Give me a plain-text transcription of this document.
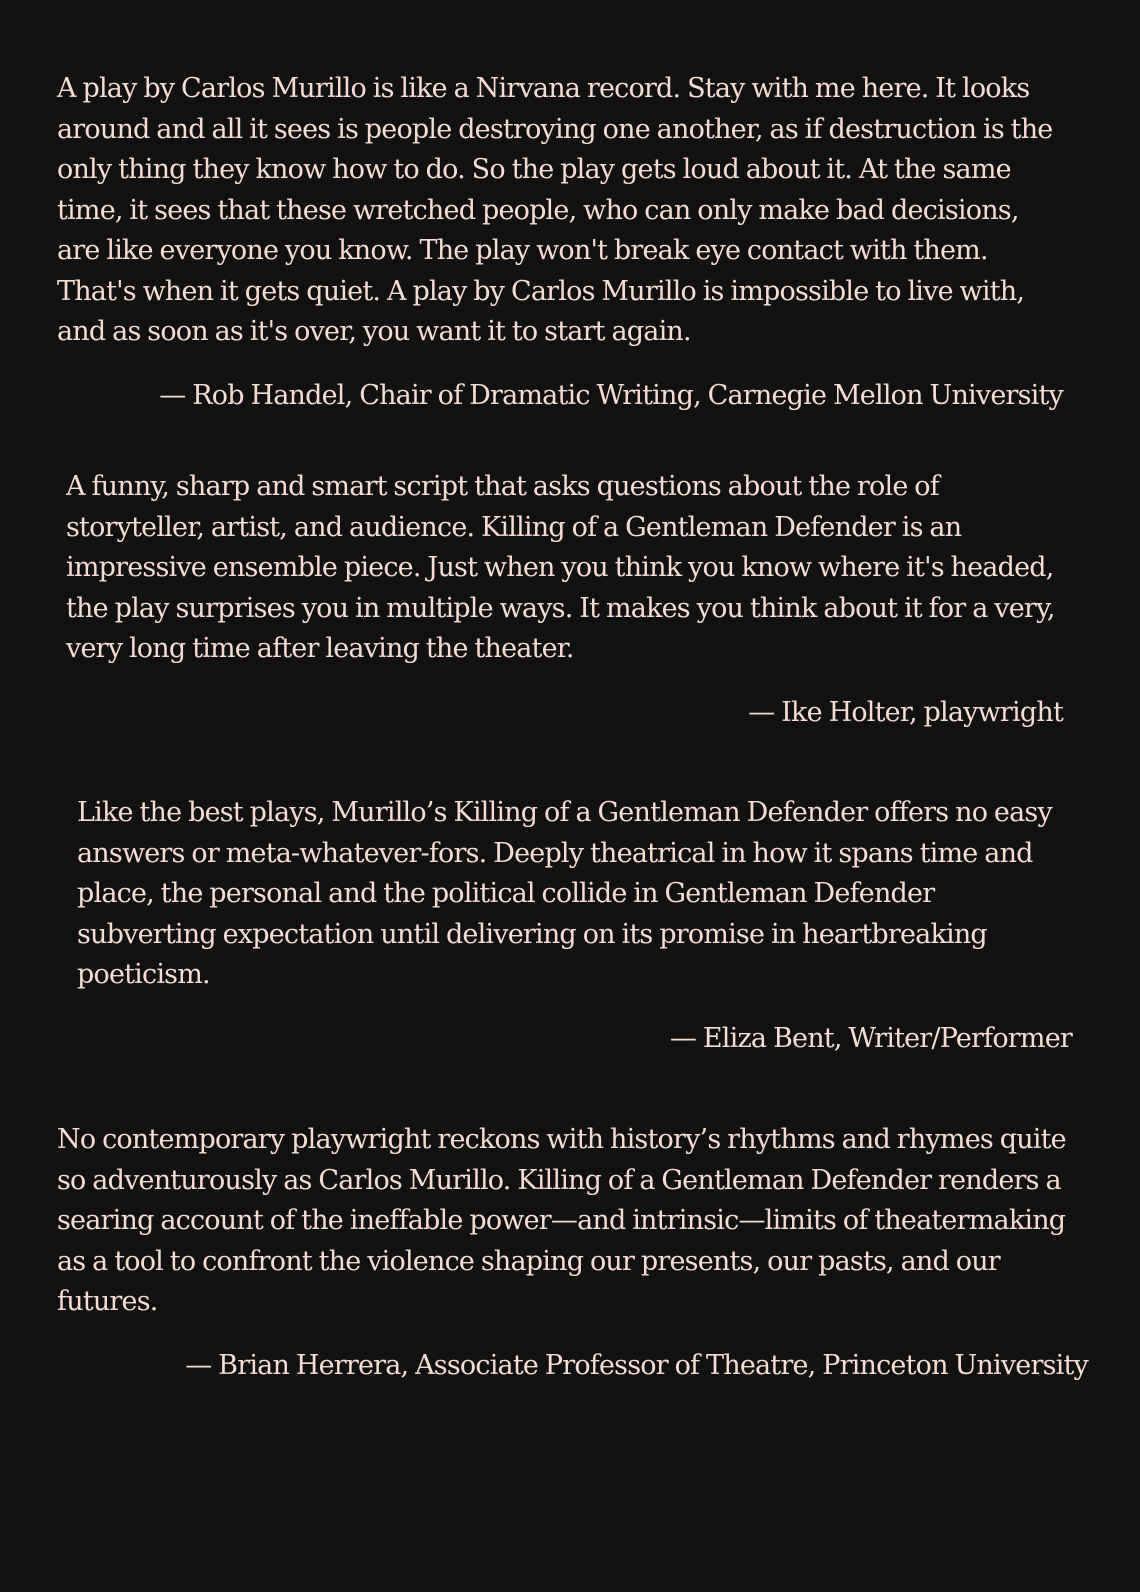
A play by Carlos Murillo is like a Nirvana record. Stay with me here. It looks around and all it sees is people destroying one another, as if destruction is the only thing they know how to do. So the play gets loud about it. At the same time, it sees that these wretched people, who can only make bad decisions, are like everyone you know. The play won't break eye contact with them. That's when it gets quiet. A play by Carlos Murillo is impossible to live with, and as soon as it's over, you want it to start again.

— Rob Handel, Chair of Dramatic Writing, Carnegie Mellon University

A funny, sharp and smart script that asks questions about the role of storyteller, artist, and audience. Killing of a Gentleman Defender is an impressive ensemble piece. Just when you think you know where it's headed, the play surprises you in multiple ways. It makes you think about it for a very, very long time after leaving the theater.

— Ike Holter, playwright

Like the best plays, Murillo’s Killing of a Gentleman Defender offers no easy answers or meta-whatever-fors. Deeply theatrical in how it spans time and place, the personal and the political collide in Gentleman Defender subverting expectation until delivering on its promise in heartbreaking poeticism.

— Eliza Bent, Writer/Performer

No contemporary playwright reckons with history’s rhythms and rhymes quite so adventurously as Carlos Murillo. Killing of a Gentleman Defender renders a searing account of the ineffable power—and intrinsic—limits of theatermaking as a tool to confront the violence shaping our presents, our pasts, and our futures.

— Brian Herrera, Associate Professor of Theatre, Princeton University
